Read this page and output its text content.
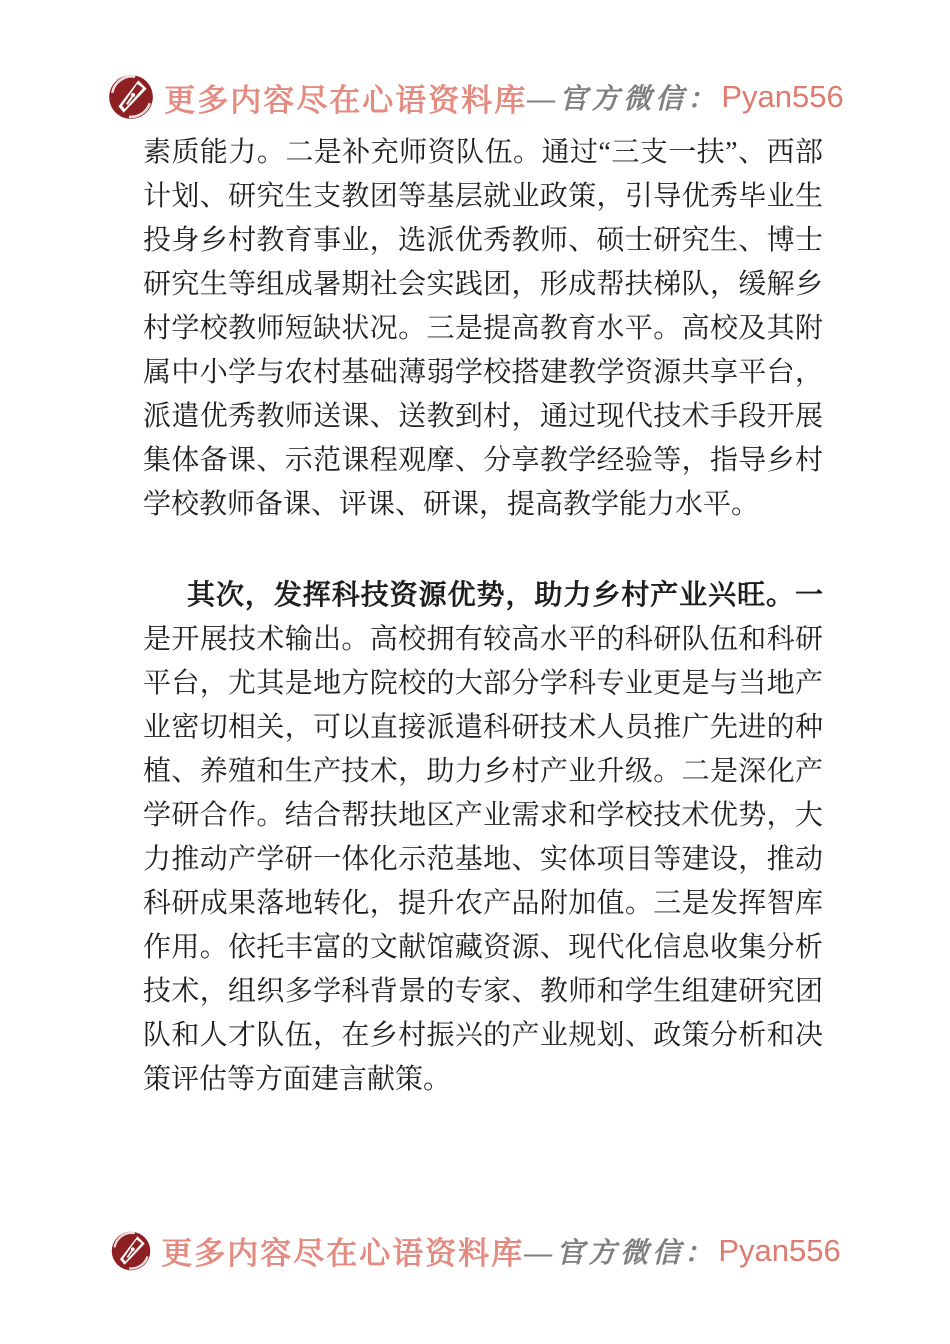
更多内容尽在心语资料库 —官方微信： Pyan556

素质能力。二是补充师资队伍。通过“三支一扶”、西部计划、研究生支教团等基层就业政策，引导优秀毕业生投身乡村教育事业，选派优秀教师、硕士研究生、博士研究生等组成暑期社会实践团，形成帮扶梯队，缓解乡村学校教师短缺状况。三是提高教育水平。高校及其附属中小学与农村基础薄弱学校搭建教学资源共享平台，派遣优秀教师送课、送教到村，通过现代技术手段开展集体备课、示范课程观摩、分享教学经验等，指导乡村学校教师备课、评课、研课，提高教学能力水平。

其次，发挥科技资源优势，助力乡村产业兴旺。一是开展技术输出。高校拥有较高水平的科研队伍和科研平台，尤其是地方院校的大部分学科专业更是与当地产业密切相关，可以直接派遣科研技术人员推广先进的种植、养殖和生产技术，助力乡村产业升级。二是深化产学研合作。结合帮扶地区产业需求和学校技术优势，大力推动产学研一体化示范基地、实体项目等建设，推动科研成果落地转化，提升农产品附加值。三是发挥智库作用。依托丰富的文献馆藏资源、现代化信息收集分析技术，组织多学科背景的专家、教师和学生组建研究团队和人才队伍，在乡村振兴的产业规划、政策分析和决策评估等方面建言献策。

更多内容尽在心语资料库 —官方微信： Pyan556
